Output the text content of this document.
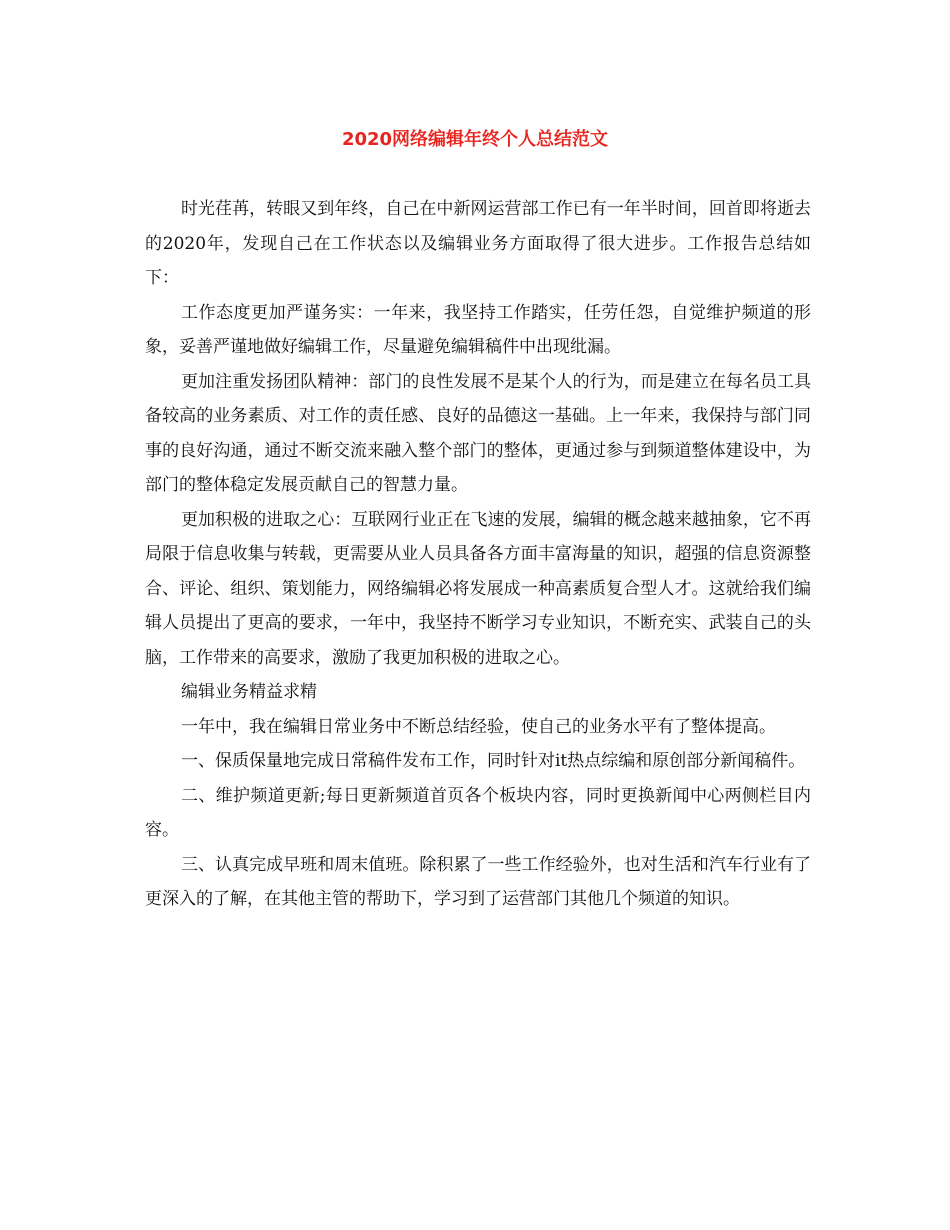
2020网络编辑年终个人总结范文

时光荏苒，转眼又到年终，自己在中新网运营部工作已有一年半时间，回首即将逝去的2020年，发现自己在工作状态以及编辑业务方面取得了很大进步。工作报告总结如下：

工作态度更加严谨务实：一年来，我坚持工作踏实，任劳任怨，自觉维护频道的形象，妥善严谨地做好编辑工作，尽量避免编辑稿件中出现纰漏。

更加注重发扬团队精神：部门的良性发展不是某个人的行为，而是建立在每名员工具备较高的业务素质、对工作的责任感、良好的品德这一基础。上一年来，我保持与部门同事的良好沟通，通过不断交流来融入整个部门的整体，更通过参与到频道整体建设中，为部门的整体稳定发展贡献自己的智慧力量。

更加积极的进取之心：互联网行业正在飞速的发展，编辑的概念越来越抽象，它不再局限于信息收集与转载，更需要从业人员具备各方面丰富海量的知识，超强的信息资源整合、评论、组织、策划能力，网络编辑必将发展成一种高素质复合型人才。这就给我们编辑人员提出了更高的要求，一年中，我坚持不断学习专业知识，不断充实、武装自己的头脑，工作带来的高要求，激励了我更加积极的进取之心。

编辑业务精益求精

一年中，我在编辑日常业务中不断总结经验，使自己的业务水平有了整体提高。

一、保质保量地完成日常稿件发布工作，同时针对it热点综编和原创部分新闻稿件。

二、维护频道更新;每日更新频道首页各个板块内容，同时更换新闻中心两侧栏目内容。

三、认真完成早班和周末值班。除积累了一些工作经验外，也对生活和汽车行业有了更深入的了解，在其他主管的帮助下，学习到了运营部门其他几个频道的知识。
